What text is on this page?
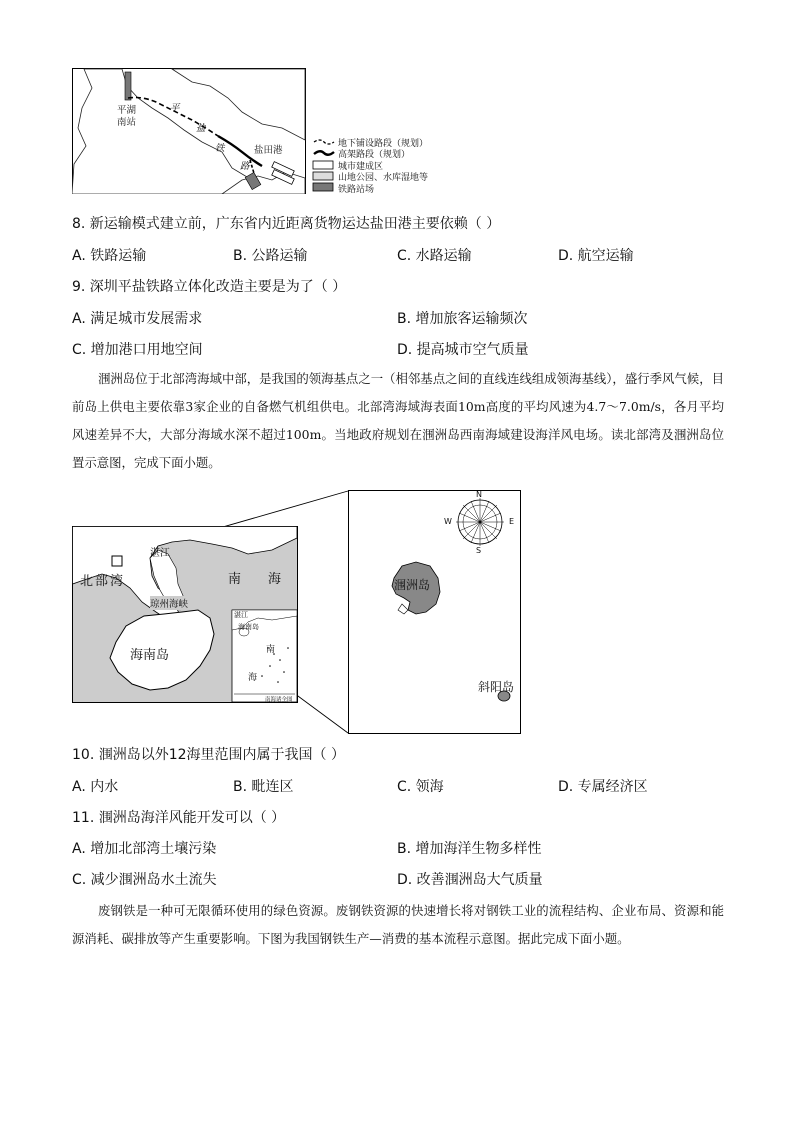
平湖
南站
平
盐
铁
路
盐田港
地下铺设路段（规划）
高架路段（规划）
城市建成区
山地公园、水库湿地等
铁路站场
8. 新运输模式建立前，广东省内近距离货物运达盐田港主要依赖（ ）
A. 铁路运输	B. 公路运输	C. 水路运输	D. 航空运输
9. 深圳平盐铁路立体化改造主要是为了（ ）
A. 满足城市发展需求	B. 增加旅客运输频次
C. 增加港口用地空间	D. 提高城市空气质量
涠洲岛位于北部湾海域中部，是我国的领海基点之一（相邻基点之间的直线连线组成领海基线），盛行季风气候，目前岛上供电主要依靠3家企业的自备燃气机组供电。北部湾海域海表面10m高度的平均风速为4.7～7.0m/s，各月平均风速差异不大，大部分海域水深不超过100m。当地政府规划在涠洲岛西南海域建设海洋风电场。读北部湾及涠洲岛位置示意图，完成下面小题。
湛江
北部湾	南 海
琼州海峡
海南岛
湛江
海南岛
南
海
南海诸全图
涠洲岛
斜阳岛
N
S
E
W
10. 涠洲岛以外12海里范围内属于我国（ ）
A. 内水	B. 毗连区	C. 领海	D. 专属经济区
11. 涠洲岛海洋风能开发可以（ ）
A. 增加北部湾土壤污染	B. 增加海洋生物多样性
C. 减少涠洲岛水土流失	D. 改善涠洲岛大气质量
废钢铁是一种可无限循环使用的绿色资源。废钢铁资源的快速增长将对钢铁工业的流程结构、企业布局、资源和能源消耗、碳排放等产生重要影响。下图为我国钢铁生产—消费的基本流程示意图。据此完成下面小题。
